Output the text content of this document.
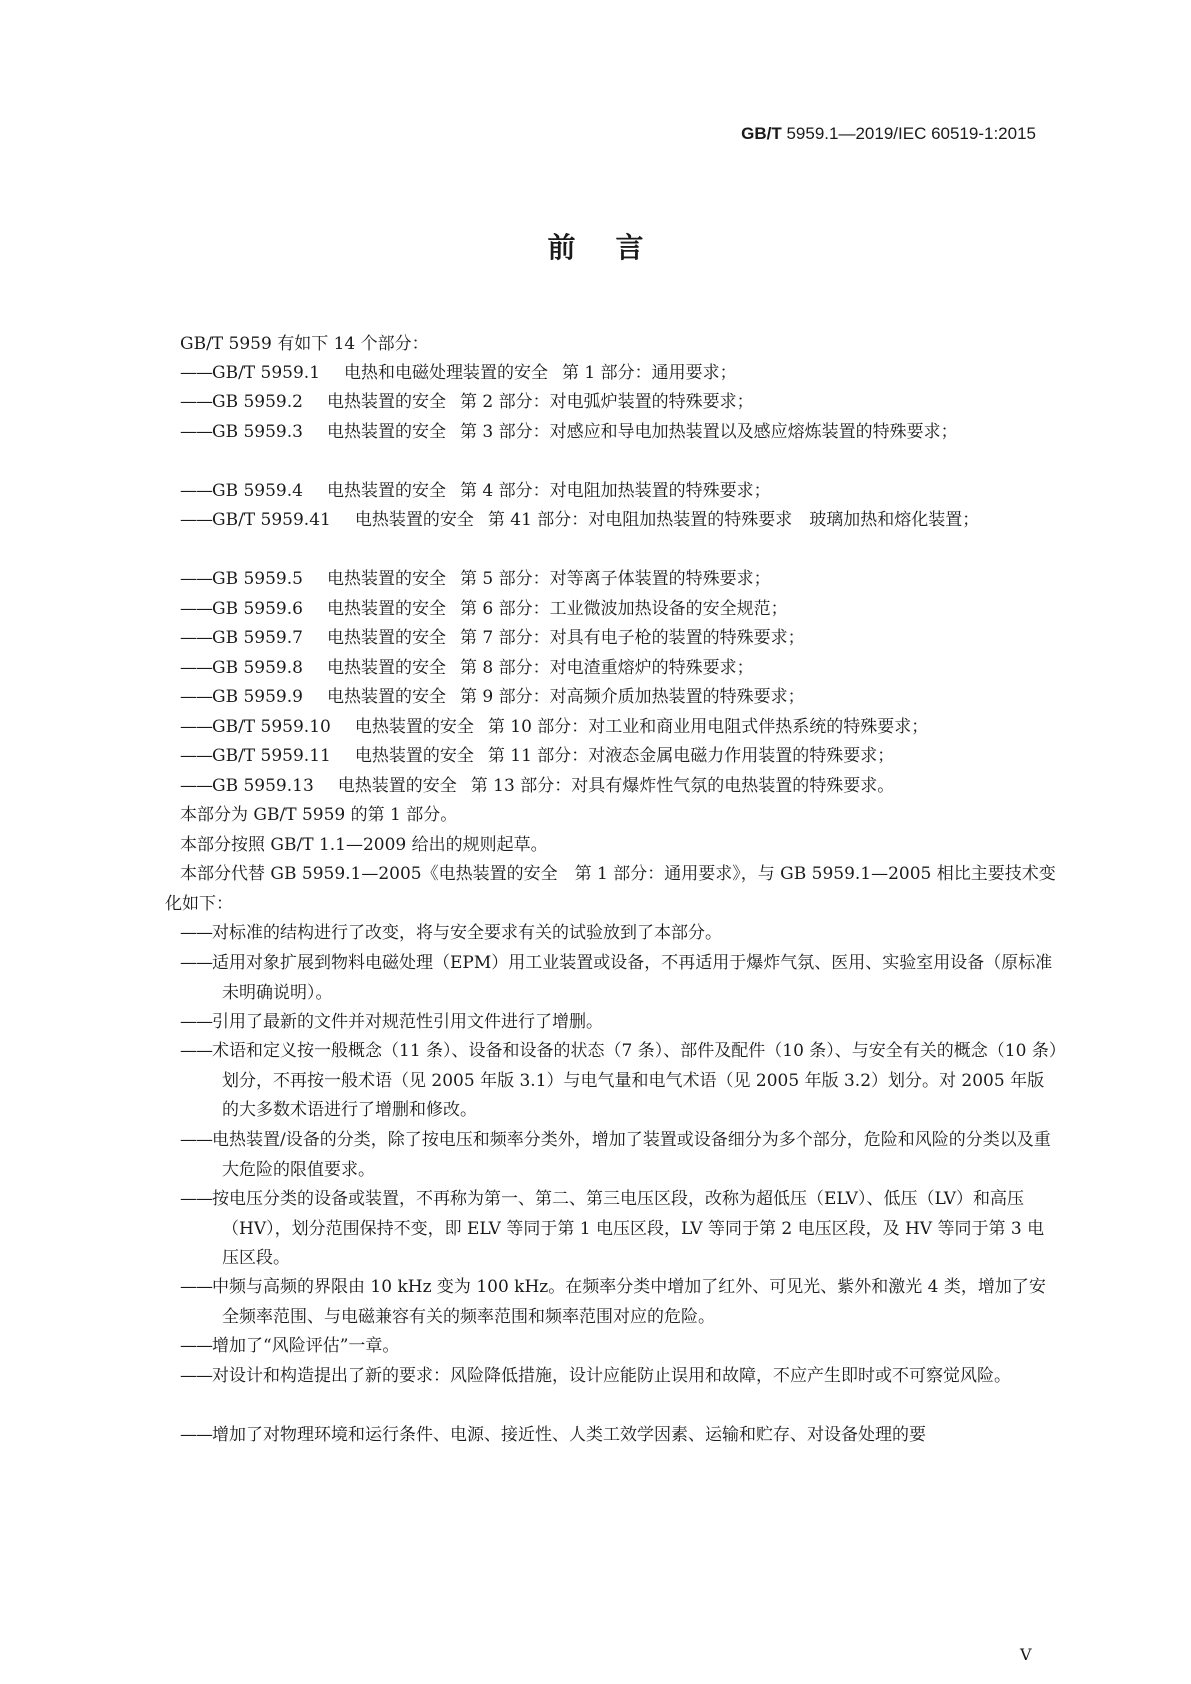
GB/T 5959.1—2019/IEC 60519-1:2015
前言
GB/T 5959 有如下 14 个部分：
——GB/T 5959.1 电热和电磁处理装置的安全 第 1 部分：通用要求；
——GB 5959.2 电热装置的安全 第 2 部分：对电弧炉装置的特殊要求；
——GB 5959.3 电热装置的安全 第 3 部分：对感应和导电加热装置以及感应熔炼装置的特殊要求；
——GB 5959.4 电热装置的安全 第 4 部分：对电阻加热装置的特殊要求；
——GB/T 5959.41 电热装置的安全 第 41 部分：对电阻加热装置的特殊要求　玻璃加热和熔化装置；
——GB 5959.5 电热装置的安全 第 5 部分：对等离子体装置的特殊要求；
——GB 5959.6 电热装置的安全 第 6 部分：工业微波加热设备的安全规范；
——GB 5959.7 电热装置的安全 第 7 部分：对具有电子枪的装置的特殊要求；
——GB 5959.8 电热装置的安全 第 8 部分：对电渣重熔炉的特殊要求；
——GB 5959.9 电热装置的安全 第 9 部分：对高频介质加热装置的特殊要求；
——GB/T 5959.10 电热装置的安全 第 10 部分：对工业和商业用电阻式伴热系统的特殊要求；
——GB/T 5959.11 电热装置的安全 第 11 部分：对液态金属电磁力作用装置的特殊要求；
——GB 5959.13 电热装置的安全 第 13 部分：对具有爆炸性气氛的电热装置的特殊要求。
本部分为 GB/T 5959 的第 1 部分。
本部分按照 GB/T 1.1—2009 给出的规则起草。
本部分代替 GB 5959.1—2005《电热装置的安全　第 1 部分：通用要求》，与 GB 5959.1—2005 相比主要技术变化如下：
——对标准的结构进行了改变，将与安全要求有关的试验放到了本部分。
——适用对象扩展到物料电磁处理（EPM）用工业装置或设备，不再适用于爆炸气氛、医用、实验室用设备（原标准未明确说明）。
——引用了最新的文件并对规范性引用文件进行了增删。
——术语和定义按一般概念（11 条）、设备和设备的状态（7 条）、部件及配件（10 条）、与安全有关的概念（10 条）划分，不再按一般术语（见 2005 年版 3.1）与电气量和电气术语（见 2005 年版 3.2）划分。对 2005 年版的大多数术语进行了增删和修改。
——电热装置/设备的分类，除了按电压和频率分类外，增加了装置或设备细分为多个部分，危险和风险的分类以及重大危险的限值要求。
——按电压分类的设备或装置，不再称为第一、第二、第三电压区段，改称为超低压（ELV）、低压（LV）和高压（HV），划分范围保持不变，即 ELV 等同于第 1 电压区段，LV 等同于第 2 电压区段，及 HV 等同于第 3 电压区段。
——中频与高频的界限由 10 kHz 变为 100 kHz。在频率分类中增加了红外、可见光、紫外和激光 4 类，增加了安全频率范围、与电磁兼容有关的频率范围和频率范围对应的危险。
——增加了“风险评估”一章。
——对设计和构造提出了新的要求：风险降低措施，设计应能防止误用和故障，不应产生即时或不可察觉风险。
——增加了对物理环境和运行条件、电源、接近性、人类工效学因素、运输和贮存、对设备处理的要
V
